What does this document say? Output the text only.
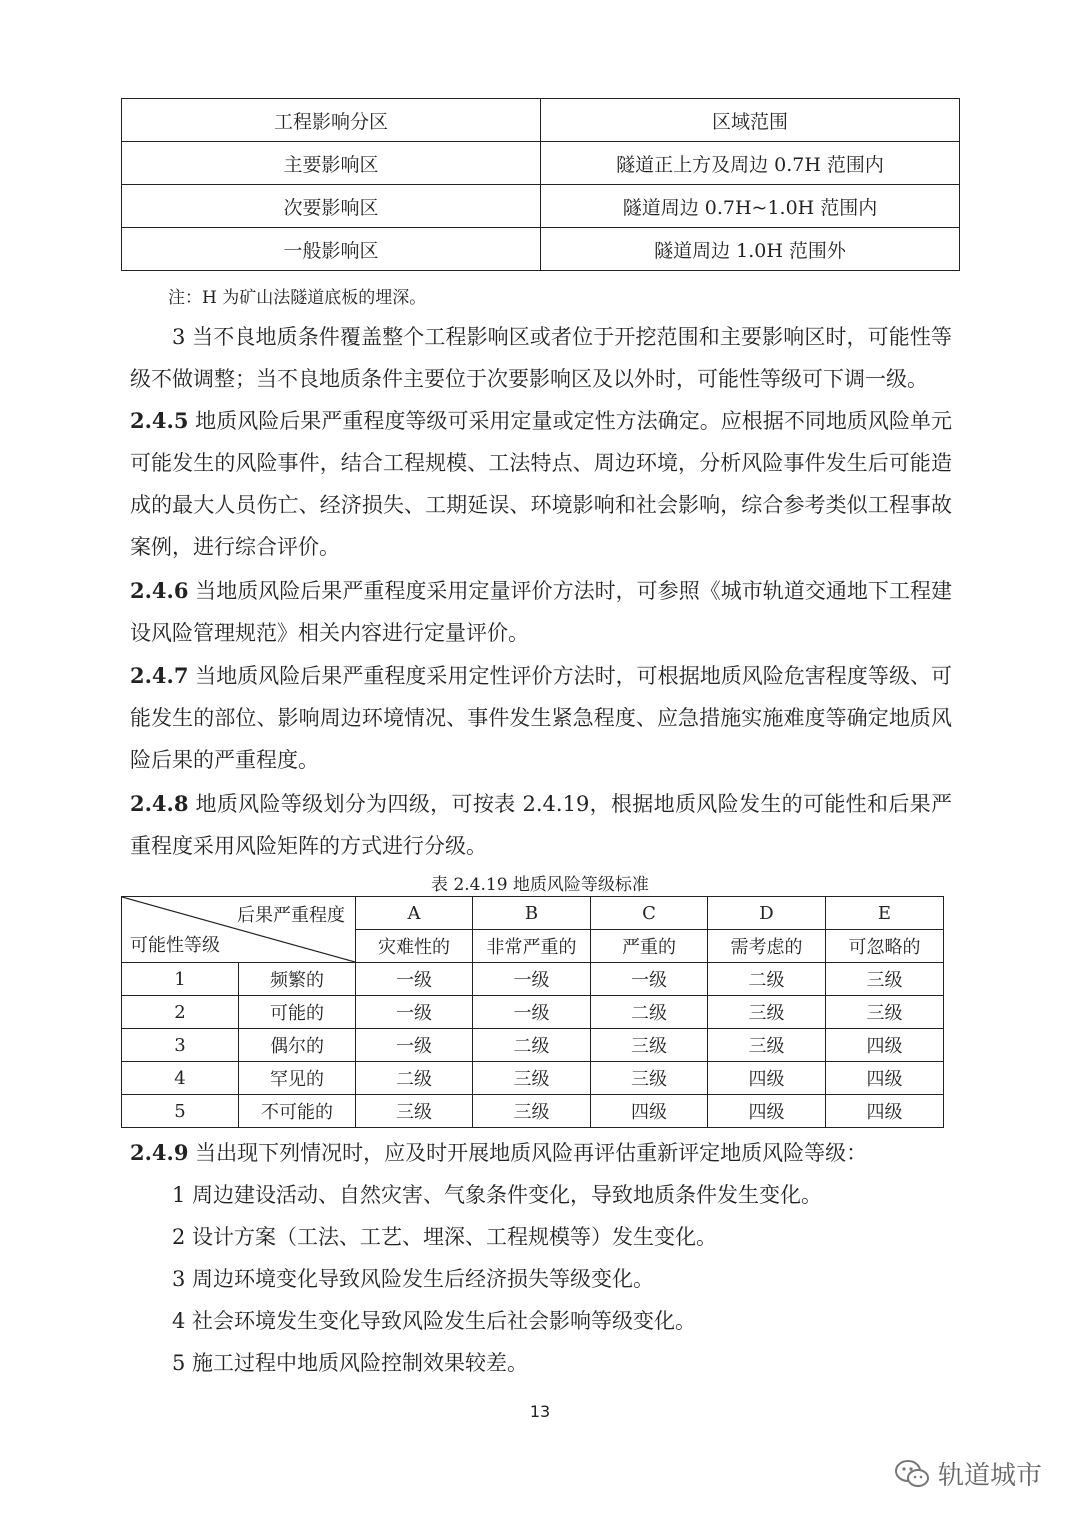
工程影响分区	区域范围
主要影响区	隧道正上方及周边 0.7H 范围内
次要影响区	隧道周边 0.7H~1.0H 范围内
一般影响区	隧道周边 1.0H 范围外
注：H 为矿山法隧道底板的埋深。

3 当不良地质条件覆盖整个工程影响区或者位于开挖范围和主要影响区时，可能性等级不做调整；当不良地质条件主要位于次要影响区及以外时，可能性等级可下调一级。

2.4.5 地质风险后果严重程度等级可采用定量或定性方法确定。应根据不同地质风险单元可能发生的风险事件，结合工程规模、工法特点、周边环境，分析风险事件发生后可能造成的最大人员伤亡、经济损失、工期延误、环境影响和社会影响，综合参考类似工程事故案例，进行综合评价。

2.4.6 当地质风险后果严重程度采用定量评价方法时，可参照《城市轨道交通地下工程建设风险管理规范》相关内容进行定量评价。

2.4.7 当地质风险后果严重程度采用定性评价方法时，可根据地质风险危害程度等级、可能发生的部位、影响周边环境情况、事件发生紧急程度、应急措施实施难度等确定地质风险后果的严重程度。

2.4.8 地质风险等级划分为四级，可按表 2.4.19，根据地质风险发生的可能性和后果严重程度采用风险矩阵的方式进行分级。

表 2.4.19 地质风险等级标准
后果严重程度
可能性等级		A	B	C	D	E
		灾难性的	非常严重的	严重的	需考虑的	可忽略的
1	频繁的	一级	一级	一级	二级	三级
2	可能的	一级	一级	二级	三级	三级
3	偶尔的	一级	二级	三级	三级	四级
4	罕见的	二级	三级	三级	四级	四级
5	不可能的	三级	三级	四级	四级	四级

2.4.9 当出现下列情况时，应及时开展地质风险再评估重新评定地质风险等级：

1 周边建设活动、自然灾害、气象条件变化，导致地质条件发生变化。

2 设计方案（工法、工艺、埋深、工程规模等）发生变化。

3 周边环境变化导致风险发生后经济损失等级变化。

4 社会环境发生变化导致风险发生后社会影响等级变化。

5 施工过程中地质风险控制效果较差。

13
轨道城市
